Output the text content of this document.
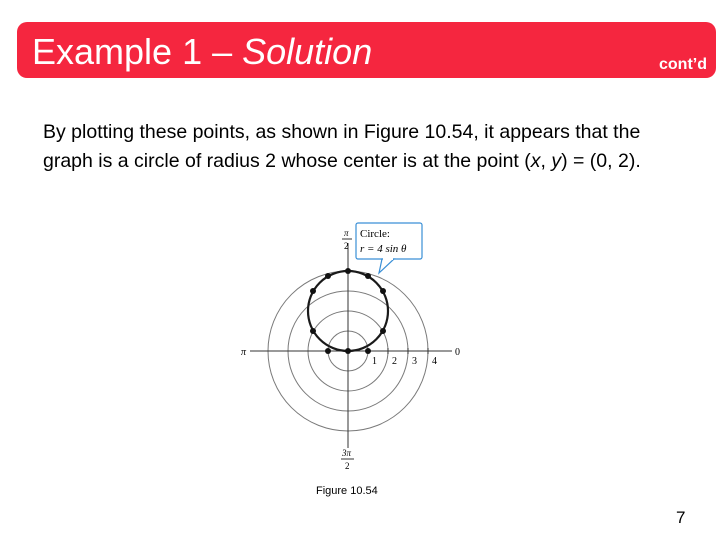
Example 1 – Solution	cont’d
By plotting these points, as shown in Figure 10.54, it appears that the graph is a circle of radius 2 whose center is at the point (x, y) = (0, 2).
1 2 3 4
π
2
π	0
3π
2
Circle:
r = 4 sin θ
Figure 10.54
7
